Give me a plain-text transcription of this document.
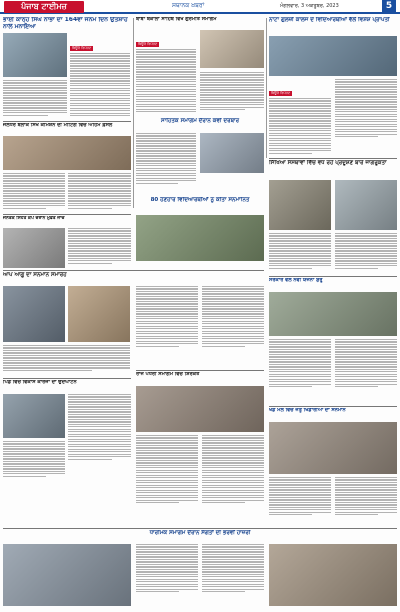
ਪੰਜਾਬ ਟਾਈਮਜ਼	ਸਥਾਨਕ ਖ਼ਬਰਾਂ	ਮੰਗਲਵਾਰ, 3 ਅਕਤੂਬਰ, 2023	5
ਭਾਈ ਕਾਨ੍ਹ ਸਿੰਘ ਨਾਭਾ ਦਾ 164ਵਾਂ ਜਨਮ ਦਿਨ ਉਤਸ਼ਾਹ ਨਾਲ ਮਨਾਇਆ
ਬਿਊਰੋ ਰਿਪੋਰਟ
ਬਾਬਾ ਬਕਾਲਾ ਸਾਹਿਬ ਵਿਖੇ ਗੁਰਮਤਿ ਸਮਾਗਮ
ਬਿਊਰੋ ਰਿਪੋਰਟ
ਸਾਹਿਤਕ ਸਮਾਗਮ ਦੌਰਾਨ ਕਵੀ ਦਰਬਾਰ
ਨਾਟਾ ਗੁਲਜ਼ੀ ਕਾਲਜ ਦੇ ਵਿਦਿਆਰਥੀਆਂ ਵੱਲੋਂ ਵਿਸ਼ੇਸ਼ ਪ੍ਰਾਪਤੀ
ਬਿਊਰੋ ਰਿਪੋਰਟ
ਜਲੰਧਰ ਬਲਾਕ ਸਿੱਖ ਕਮਿਸ਼ਨ ਦੀ ਮੀਟਿੰਗ ਵਿੱਚ ਅਹਿਮ ਫ਼ੈਸਲੇ
80 ਹੋਣਹਾਰ ਵਿਦਿਆਰਥੀਆਂ ਨੂੰ ਕੀਤਾ ਸਨਮਾਨਿਤ
ਸਿੱਖਿਆ ਸੰਸਥਾਵਾਂ ਵਿੱਚ ਵਧ ਰਹੇ ਪ੍ਰਦੂਸ਼ਣ ਬਾਰੇ ਜਾਗਰੂਕਤਾ
ਜਨਤਕ ਸਿਹਤ ਕੈਂਪ ਦੌਰਾਨ ਮੁਫ਼ਤ ਜਾਂਚ
ਆਪ ਆਗੂ ਦਾ ਸਨਮਾਨ ਸਮਾਰੋਹ
ਸਰਕਾਰ ਵੱਲੋਂ ਨਵੀਂ ਯੋਜਨਾ ਸ਼ੁਰੂ
ਰਾਜ ਪੱਧਰੀ ਸਮਾਗਮ ਵਿੱਚ ਸ਼ਿਰਕਤ
ਪਿੰਡ ਵਿੱਚ ਵਿਕਾਸ ਕਾਰਜਾਂ ਦਾ ਉਦਘਾਟਨ
ਖੇਡ ਮੇਲੇ ਵਿੱਚ ਜੇਤੂ ਖਿਡਾਰੀਆਂ ਦਾ ਸਨਮਾਨ
ਧਾਰਮਿਕ ਸਮਾਗਮ ਦੌਰਾਨ ਸੰਗਤਾਂ ਦੀ ਭਰਵੀਂ ਹਾਜ਼ਰੀ
